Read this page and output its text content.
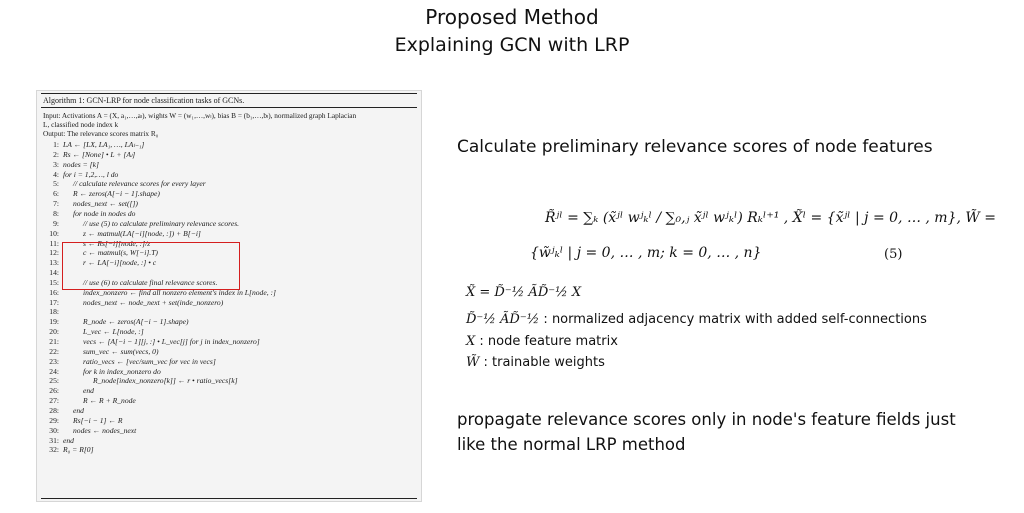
Proposed Method
Explaining GCN with LRP
Algorithm 1: GCN-LRP for node classification tasks of GCNs.
Input: Activations A = (X, a₁,…,aₗ), wights W = (w₁,…,wₗ), bias B = (b₁,…,bₗ), normalized graph Laplacian
L, classified node index k
Output: The relevance scores matrix R₀
1: LA ← [LX, LA₁, …, LAₗ₋₁]
2: Rs ← [None] • L + [Aₗ]
3: nodes = [k]
4: for i = 1,2,…, l do
5: // calculate relevance scores for every layer
6: R ← zeros(A[−i − 1].shape)
7: nodes_next ← set([])
8: for node in nodes do
9:	// use (5) to calculate preliminary relevance scores.
10:	z ← matmul(LA[−i][node, :]) + B[−i]
11:	s ← Rs[−i][node, :]/z
12:	c ← matmul(s, W[−i].T)
13:	r ← LA[−i][node, :] • c
14:
15:	// use (6) to calculate final relevance scores.
16:	index_nonzero ← find all nonzero element's index in L[node, :]
17:	nodes_next ← node_next + set(inde_nonzero)
18:
19:	R_node ← zeros(A[−i − 1].shape)
20:	L_vec ← L[node, :]
21:	vecs ← [A[−i − 1][j, :] • L_vec[j] for j in index_nonzero]
22:	sum_vec ← sum(vecs, 0)
23:	ratio_vecs ← [vec/sum_vec for vec in vecs]
24:	for k in index_nonzero do
25:	R_node[index_nonzero[k]] ← r • ratio_vecs[k]
26:	end
27:	R ← R + R_node
28: end
29: Rs[−i − 1] ← R
30: nodes ← nodes_next
31: end
32: R₀ = R[0]
Calculate preliminary relevance scores of node features
R̃ʲˡ = ∑ₖ (x̃ʲˡ wʲₖˡ / ∑₀,ⱼ x̃ʲˡ wʲₖˡ) Rₖˡ⁺¹ , X̃ˡ = {x̃ʲˡ | j = 0, … , m}, W̃ =
{w̃ʲₖˡ | j = 0, … , m; k = 0, … , n}	(5)
X̃ = D̃⁻½ ÃD̃⁻½ X
D̃⁻½ ÃD̃⁻½ : normalized adjacency matrix with added self-connections
X : node feature matrix
W̃ : trainable weights
propagate relevance scores only in node's feature fields just
like the normal LRP method
